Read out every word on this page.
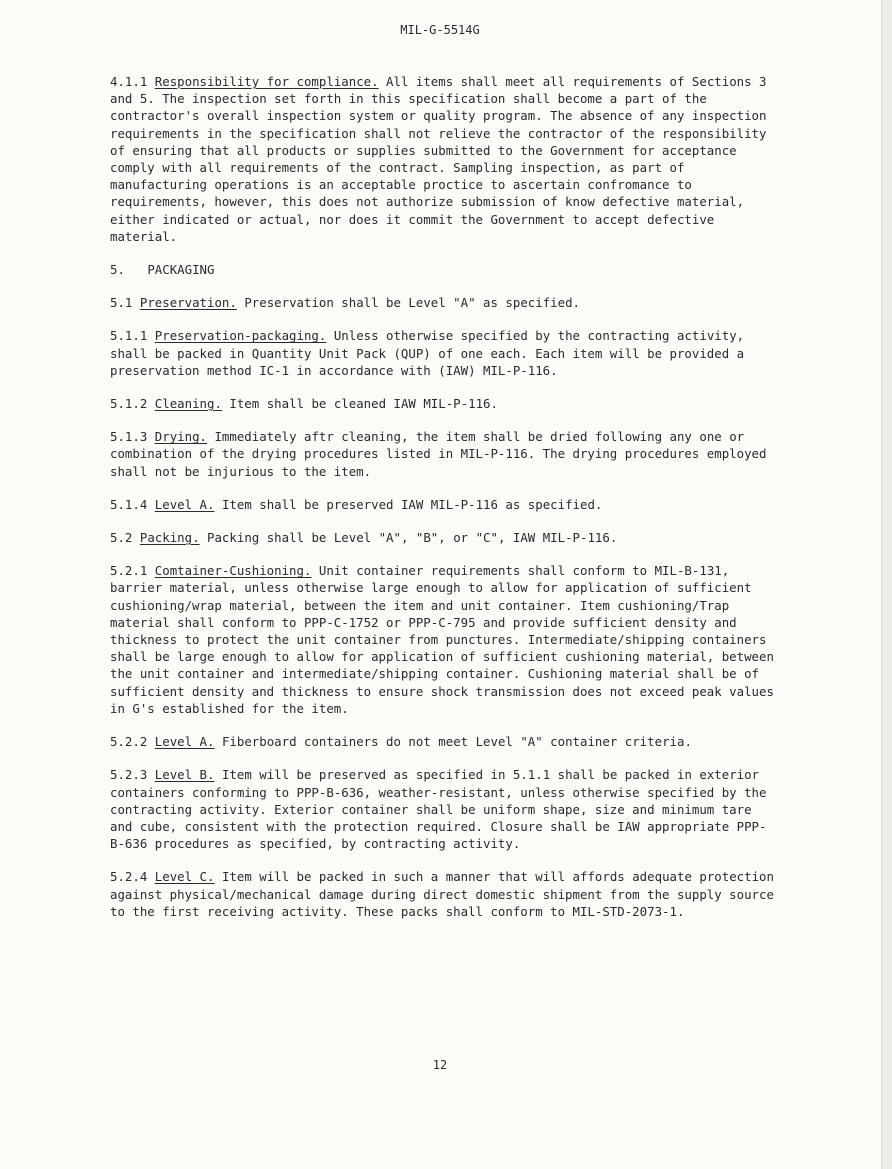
MIL-G-5514G

4.1.1 Responsibility for compliance. All items shall meet all requirements of Sections 3 and 5. The inspection set forth in this specification shall become a part of the contractor's overall inspection system or quality program. The absence of any inspection requirements in the specification shall not relieve the contractor of the responsibility of ensuring that all products or supplies submitted to the Government for acceptance comply with all requirements of the contract. Sampling inspection, as part of manufacturing operations is an acceptable proctice to ascertain confromance to requirements, however, this does not authorize submission of know defective material, either indicated or actual, nor does it commit the Government to accept defective material.

5. PACKAGING

5.1 Preservation. Preservation shall be Level "A" as specified.

5.1.1 Preservation-packaging. Unless otherwise specified by the contracting activity, shall be packed in Quantity Unit Pack (QUP) of one each. Each item will be provided a preservation method IC-1 in accordance with (IAW) MIL-P-116.

5.1.2 Cleaning. Item shall be cleaned IAW MIL-P-116.

5.1.3 Drying. Immediately aftr cleaning, the item shall be dried following any one or combination of the drying procedures listed in MIL-P-116. The drying procedures employed shall not be injurious to the item.

5.1.4 Level A. Item shall be preserved IAW MIL-P-116 as specified.

5.2 Packing. Packing shall be Level "A", "B", or "C", IAW MIL-P-116.

5.2.1 Comtainer-Cushioning. Unit container requirements shall conform to MIL-B-131, barrier material, unless otherwise large enough to allow for application of sufficient cushioning/wrap material, between the item and unit container. Item cushioning/Trap material shall conform to PPP-C-1752 or PPP-C-795 and provide sufficient density and thickness to protect the unit container from punctures. Intermediate/shipping containers shall be large enough to allow for application of sufficient cushioning material, between the unit container and intermediate/shipping container. Cushioning material shall be of sufficient density and thickness to ensure shock transmission does not exceed peak values in G's established for the item.

5.2.2 Level A. Fiberboard containers do not meet Level "A" container criteria.

5.2.3 Level B. Item will be preserved as specified in 5.1.1 shall be packed in exterior containers conforming to PPP-B-636, weather-resistant, unless otherwise specified by the contracting activity. Exterior container shall be uniform shape, size and minimum tare and cube, consistent with the protection required. Closure shall be IAW appropriate PPP-B-636 procedures as specified, by contracting activity.

5.2.4 Level C. Item will be packed in such a manner that will affords adequate protection against physical/mechanical damage during direct domestic shipment from the supply source to the first receiving activity. These packs shall conform to MIL-STD-2073-1.

12
